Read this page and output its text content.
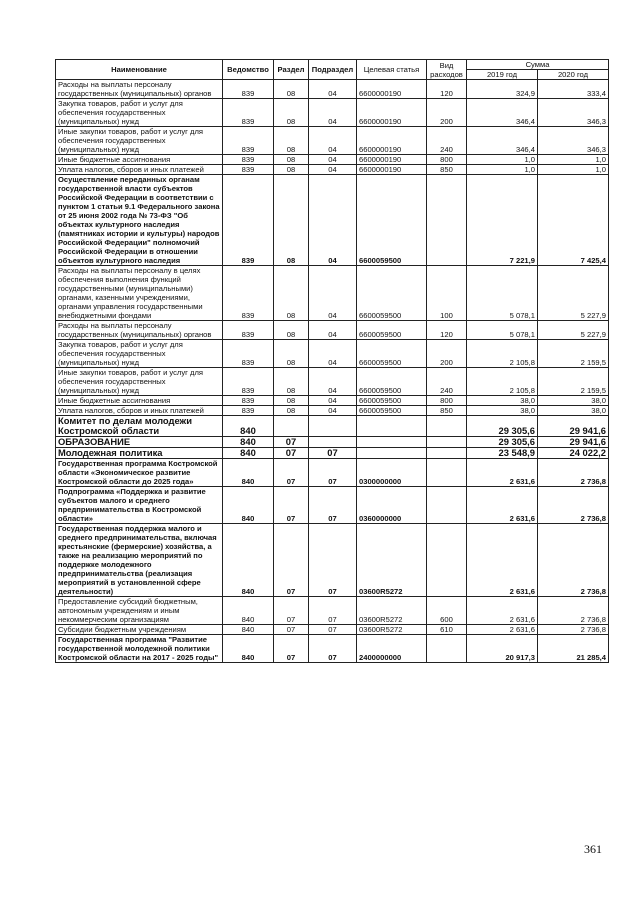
Наименование	Ведомство	Раздел	Подраздел	Целевая статья	Вид расходов	Сумма	
						2019 год	2020 год
Расходы на выплаты персоналу государственных (муниципальных) органов	839	08	04	6600000190	120	324,9	333,4
Закупка товаров, работ и услуг для обеспечения государственных (муниципальных) нужд	839	08	04	6600000190	200	346,4	346,3
Иные закупки товаров, работ и услуг для обеспечения государственных (муниципальных) нужд	839	08	04	6600000190	240	346,4	346,3
Иные бюджетные ассигнования	839	08	04	6600000190	800	1,0	1,0
Уплата налогов, сборов и иных платежей	839	08	04	6600000190	850	1,0	1,0
Осуществление переданных органам государственной власти субъектов Российской Федерации в соответствии с пунктом 1 статьи 9.1 Федерального закона от 25 июня 2002 года № 73-ФЗ "Об объектах культурного наследия (памятниках истории и культуры) народов Российской Федерации" полномочий Российской Федерации в отношении объектов культурного наследия	839	08	04	6600059500		7 221,9	7 425,4
Расходы на выплаты персоналу в целях обеспечения выполнения функций государственными (муниципальными) органами, казенными учреждениями, органами управления государственными внебюджетными фондами	839	08	04	6600059500	100	5 078,1	5 227,9
Расходы на выплаты персоналу государственных (муниципальных) органов	839	08	04	6600059500	120	5 078,1	5 227,9
Закупка товаров, работ и услуг для обеспечения государственных (муниципальных) нужд	839	08	04	6600059500	200	2 105,8	2 159,5
Иные закупки товаров, работ и услуг для обеспечения государственных (муниципальных) нужд	839	08	04	6600059500	240	2 105,8	2 159,5
Иные бюджетные ассигнования	839	08	04	6600059500	800	38,0	38,0
Уплата налогов, сборов и иных платежей	839	08	04	6600059500	850	38,0	38,0
Комитет по делам молодежи Костромской области	840					29 305,6	29 941,6
ОБРАЗОВАНИЕ	840	07				29 305,6	29 941,6
Молодежная политика	840	07	07			23 548,9	24 022,2
Государственная программа Костромской области «Экономическое развитие Костромской области до 2025 года»	840	07	07	0300000000		2 631,6	2 736,8
Подпрограмма «Поддержка и развитие субъектов малого и среднего предпринимательства в Костромской области»	840	07	07	0360000000		2 631,6	2 736,8
Государственная поддержка малого и среднего предпринимательства, включая крестьянские (фермерские) хозяйства, а также на реализацию мероприятий по поддержке молодежного предпринимательства (реализация мероприятий в установленной сфере деятельности)	840	07	07	03600R5272		2 631,6	2 736,8
Предоставление субсидий бюджетным, автономным учреждениям и иным некоммерческим организациям	840	07	07	03600R5272	600	2 631,6	2 736,8
Субсидии бюджетным учреждениям	840	07	07	03600R5272	610	2 631,6	2 736,8
Государственная программа "Развитие государственной молодежной политики Костромской области на 2017 - 2025 годы"	840	07	07	2400000000		20 917,3	21 285,4
361
